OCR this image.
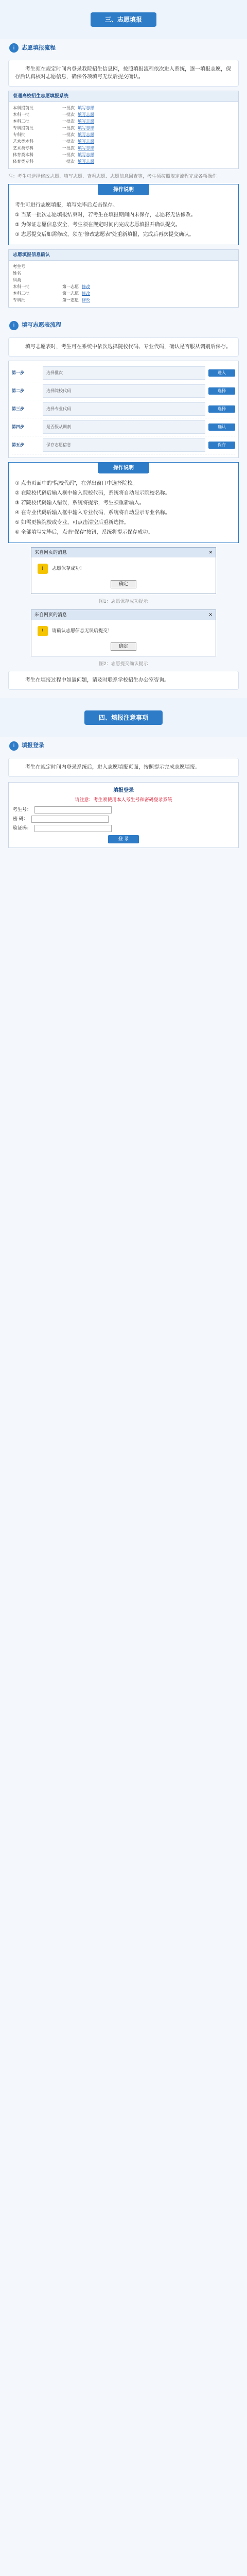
三、志愿填报
i	志愿填报流程

考生须在规定时间内登录我院招生信息网，按照填报流程依次进入系统，逐一填报志愿，保存后认真核对志愿信息，确保各项填写无误后提交确认。

普通高校招生志愿填报系统
本科提前批	一批次 填写志愿
本科一批	一批次 填写志愿
本科二批	一批次 填写志愿
专科提前批	一批次 填写志愿
专科批	一批次 填写志愿
艺术类本科	一批次 填写志愿
艺术类专科	一批次 填写志愿
体育类本科	一批次 填写志愿
体育类专科	一批次 填写志愿

注：考生可选择修改志愿、填写志愿、查看志愿、志愿信息回查等，考生须按照规定流程完成各项操作。

操作说明

考生可进行志愿填报，填写完毕后点击保存。

① 当某一批次志愿填报结束时，若考生在填报期间内未保存，志愿将无法修改。

② 为保证志愿信息安全，考生须在规定时间内完成志愿填报并确认提交。

③ 志愿提交后如需修改，须在“修改志愿表”处重新填报，完成后再次提交确认。

志愿填报信息确认
考生号
姓名
科类
本科一批	第一志愿 修改
本科二批	第一志愿 修改
专科批	第一志愿 修改
i	填写志愿表流程

填写志愿表时，考生可在系统中依次选择院校代码、专业代码，确认是否服从调剂后保存。

第一步	选择批次	进入
第二步	选择院校代码	选择
第三步	选择专业代码	选择
第四步	是否服从调剂	确认
第五步	保存志愿信息	保存
操作说明

① 点击页面中的“院校代码”，在弹出窗口中选择院校。

② 在院校代码后输入框中输入院校代码，系统将自动显示院校名称。

③ 若院校代码输入错误，系统将提示，考生须重新输入。

④ 在专业代码后输入框中输入专业代码，系统将自动显示专业名称。

⑤ 如需更换院校或专业，可点击清空后重新选择。

⑥ 全部填写完毕后，点击“保存”按钮，系统将提示保存成功。

来自网页的消息	✕
!	志愿保存成功！
确定

图1：志愿保存成功提示

来自网页的消息	✕
!	请确认志愿信息无误后提交！
确定

图2：志愿提交确认提示

考生在填报过程中如遇问题，请及时联系学校招生办公室咨询。

四、填报注意事项
i	填报登录

考生在规定时间内登录系统后，进入志愿填报页面，按照提示完成志愿填报。

填报登录
请注意：考生须使用本人考生号和密码登录系统
考生号：
密 码：
验证码：
登 录
